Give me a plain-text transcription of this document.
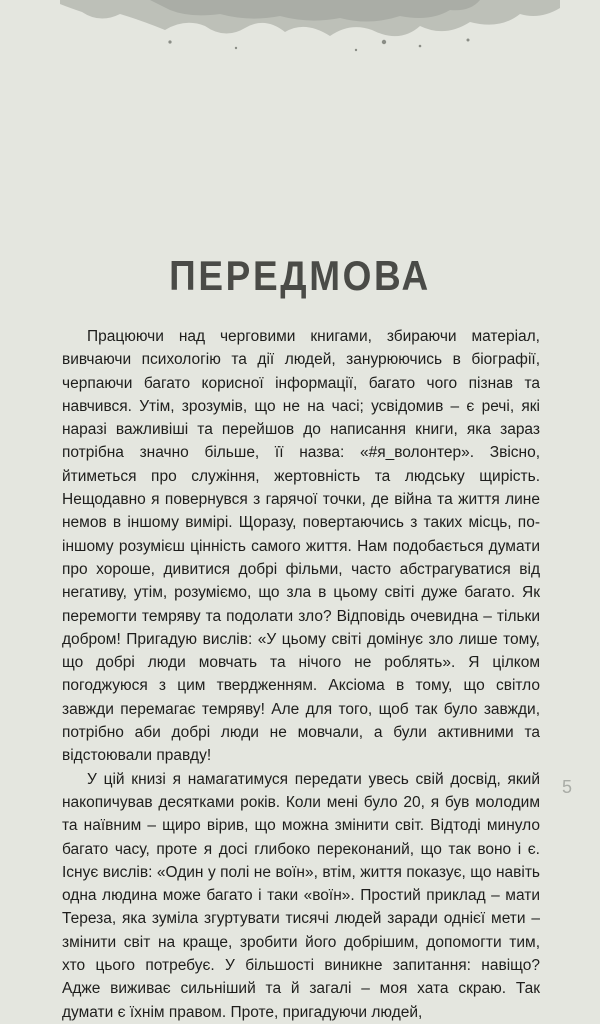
ПЕРЕДМОВА

Працюючи над черговими книгами, збираючи матеріал, вивчаючи психологію та дії людей, занурюючись в біографії, черпаючи багато корисної інформації, багато чого пізнав та навчився. Утім, зрозумів, що не на часі; усвідомив – є речі, які наразі важливіші та перейшов до написання книги, яка зараз потрібна значно більше, її назва: «#я_волонтер». Звісно, йтиметься про служіння, жертовність та людську щирість. Нещодавно я повернувся з гарячої точки, де війна та життя лине немов в іншому вимірі. Щоразу, повертаючись з таких місць, по-іншому розумієш цінність самого життя. Нам подобається думати про хороше, дивитися добрі фільми, часто абстрагуватися від негативу, утім, розуміємо, що зла в цьому світі дуже багато. Як перемогти темряву та подолати зло? Відповідь очевидна – тільки добром! Пригадую вислів: «У цьому світі домінує зло лише тому, що добрі люди мовчать та нічого не роблять». Я цілком погоджуюся з цим твердженням. Аксіома в тому, що світло завжди перемагає темряву! Але для того, щоб так було завжди, потрібно аби добрі люди не мовчали, а були активними та відстоювали правду!

У цій книзі я намагатимуся передати увесь свій досвід, який накопичував десятками років. Коли мені було 20, я був молодим та наївним – щиро вірив, що можна змінити світ. Відтоді минуло багато часу, проте я досі глибоко переконаний, що так воно і є. Існує вислів: «Один у полі не воїн», втім, життя показує, що навіть одна людина може багато і таки «воїн». Простий приклад – мати Тереза, яка зуміла згуртувати тисячі людей заради однієї мети – змінити світ на краще, зробити його добрішим, допомогти тим, хто цього потребує. У більшості виникне запитання: навіщо? Адже виживає сильніший та й загалі – моя хата скраю. Так думати є їхнім правом. Проте, пригадуючи людей,

5
